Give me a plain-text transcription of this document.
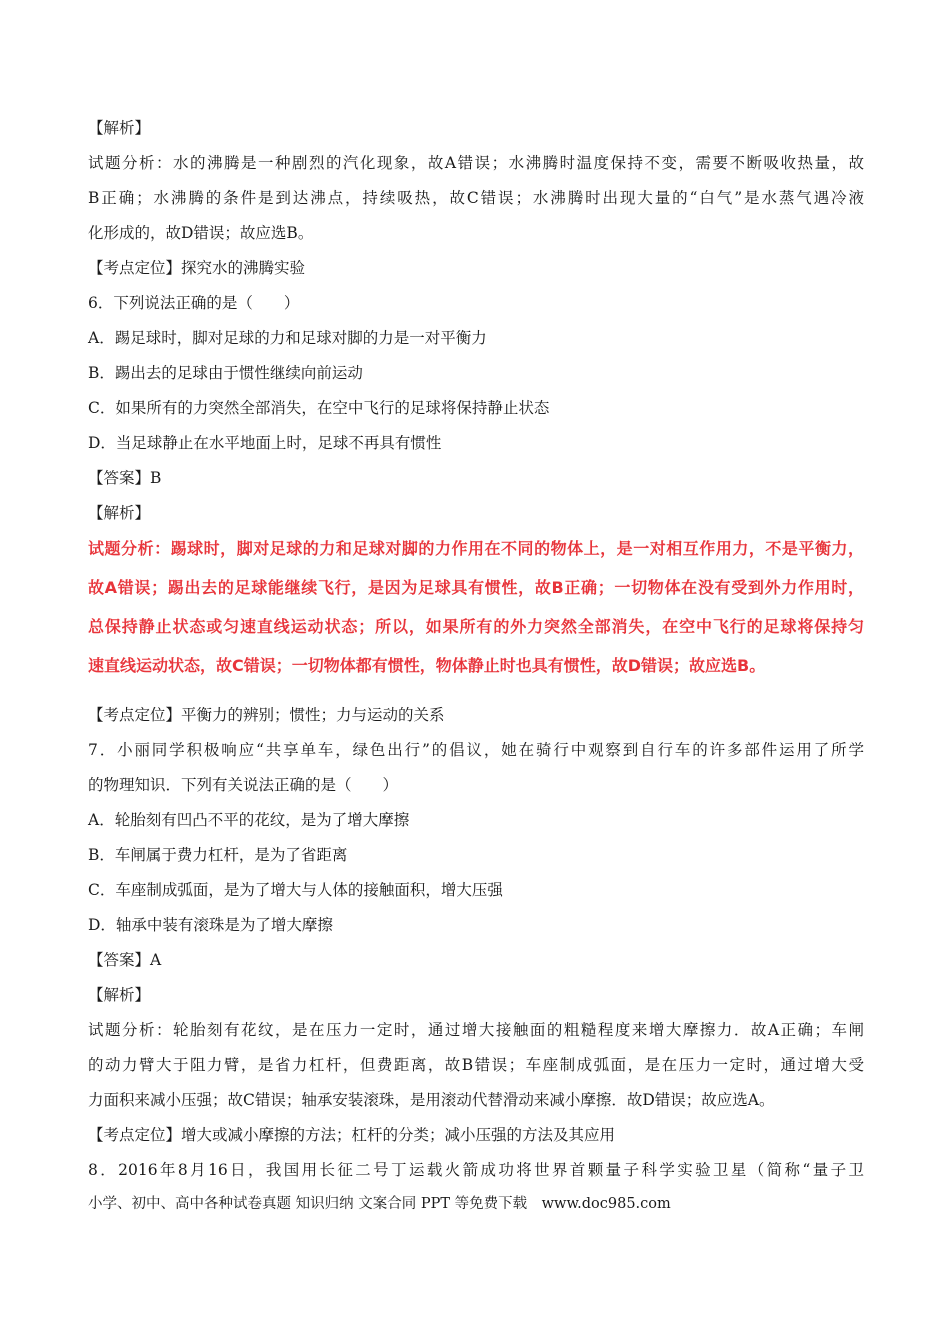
【解析】
试题分析：水的沸腾是一种剧烈的汽化现象，故A错误；水沸腾时温度保持不变，需要不断吸收热量，故
B正确；水沸腾的条件是到达沸点，持续吸热，故C错误；水沸腾时出现大量的“白气”是水蒸气遇冷液
化形成的，故D错误；故应选B。
【考点定位】探究水的沸腾实验
6．下列说法正确的是（　　）
A．踢足球时，脚对足球的力和足球对脚的力是一对平衡力
B．踢出去的足球由于惯性继续向前运动
C．如果所有的力突然全部消失，在空中飞行的足球将保持静止状态
D．当足球静止在水平地面上时，足球不再具有惯性
【答案】B
【解析】
试题分析：踢球时，脚对足球的力和足球对脚的力作用在不同的物体上，是一对相互作用力，不是平衡力，
故A错误；踢出去的足球能继续飞行，是因为足球具有惯性，故B正确；一切物体在没有受到外力作用时，
总保持静止状态或匀速直线运动状态；所以，如果所有的外力突然全部消失，在空中飞行的足球将保持匀
速直线运动状态，故C错误；一切物体都有惯性，物体静止时也具有惯性，故D错误；故应选B。
【考点定位】平衡力的辨别；惯性；力与运动的关系
7．小丽同学积极响应“共享单车，绿色出行”的倡议，她在骑行中观察到自行车的许多部件运用了所学
的物理知识．下列有关说法正确的是（　　）
A．轮胎刻有凹凸不平的花纹，是为了增大摩擦
B．车闸属于费力杠杆，是为了省距离
C．车座制成弧面，是为了增大与人体的接触面积，增大压强
D．轴承中装有滚珠是为了增大摩擦
【答案】A
【解析】
试题分析：轮胎刻有花纹，是在压力一定时，通过增大接触面的粗糙程度来增大摩擦力．故A正确；车闸
的动力臂大于阻力臂，是省力杠杆，但费距离，故B错误；车座制成弧面，是在压力一定时，通过增大受
力面积来减小压强；故C错误；轴承安装滚珠，是用滚动代替滑动来减小摩擦．故D错误；故应选A。
【考点定位】增大或减小摩擦的方法；杠杆的分类；减小压强的方法及其应用
8．2016年8月16日，我国用长征二号丁运载火箭成功将世界首颗量子科学实验卫星（简称“量子卫
小学、初中、高中各种试卷真题 知识归纳 文案合同 PPT 等免费下载　www.doc985.com
